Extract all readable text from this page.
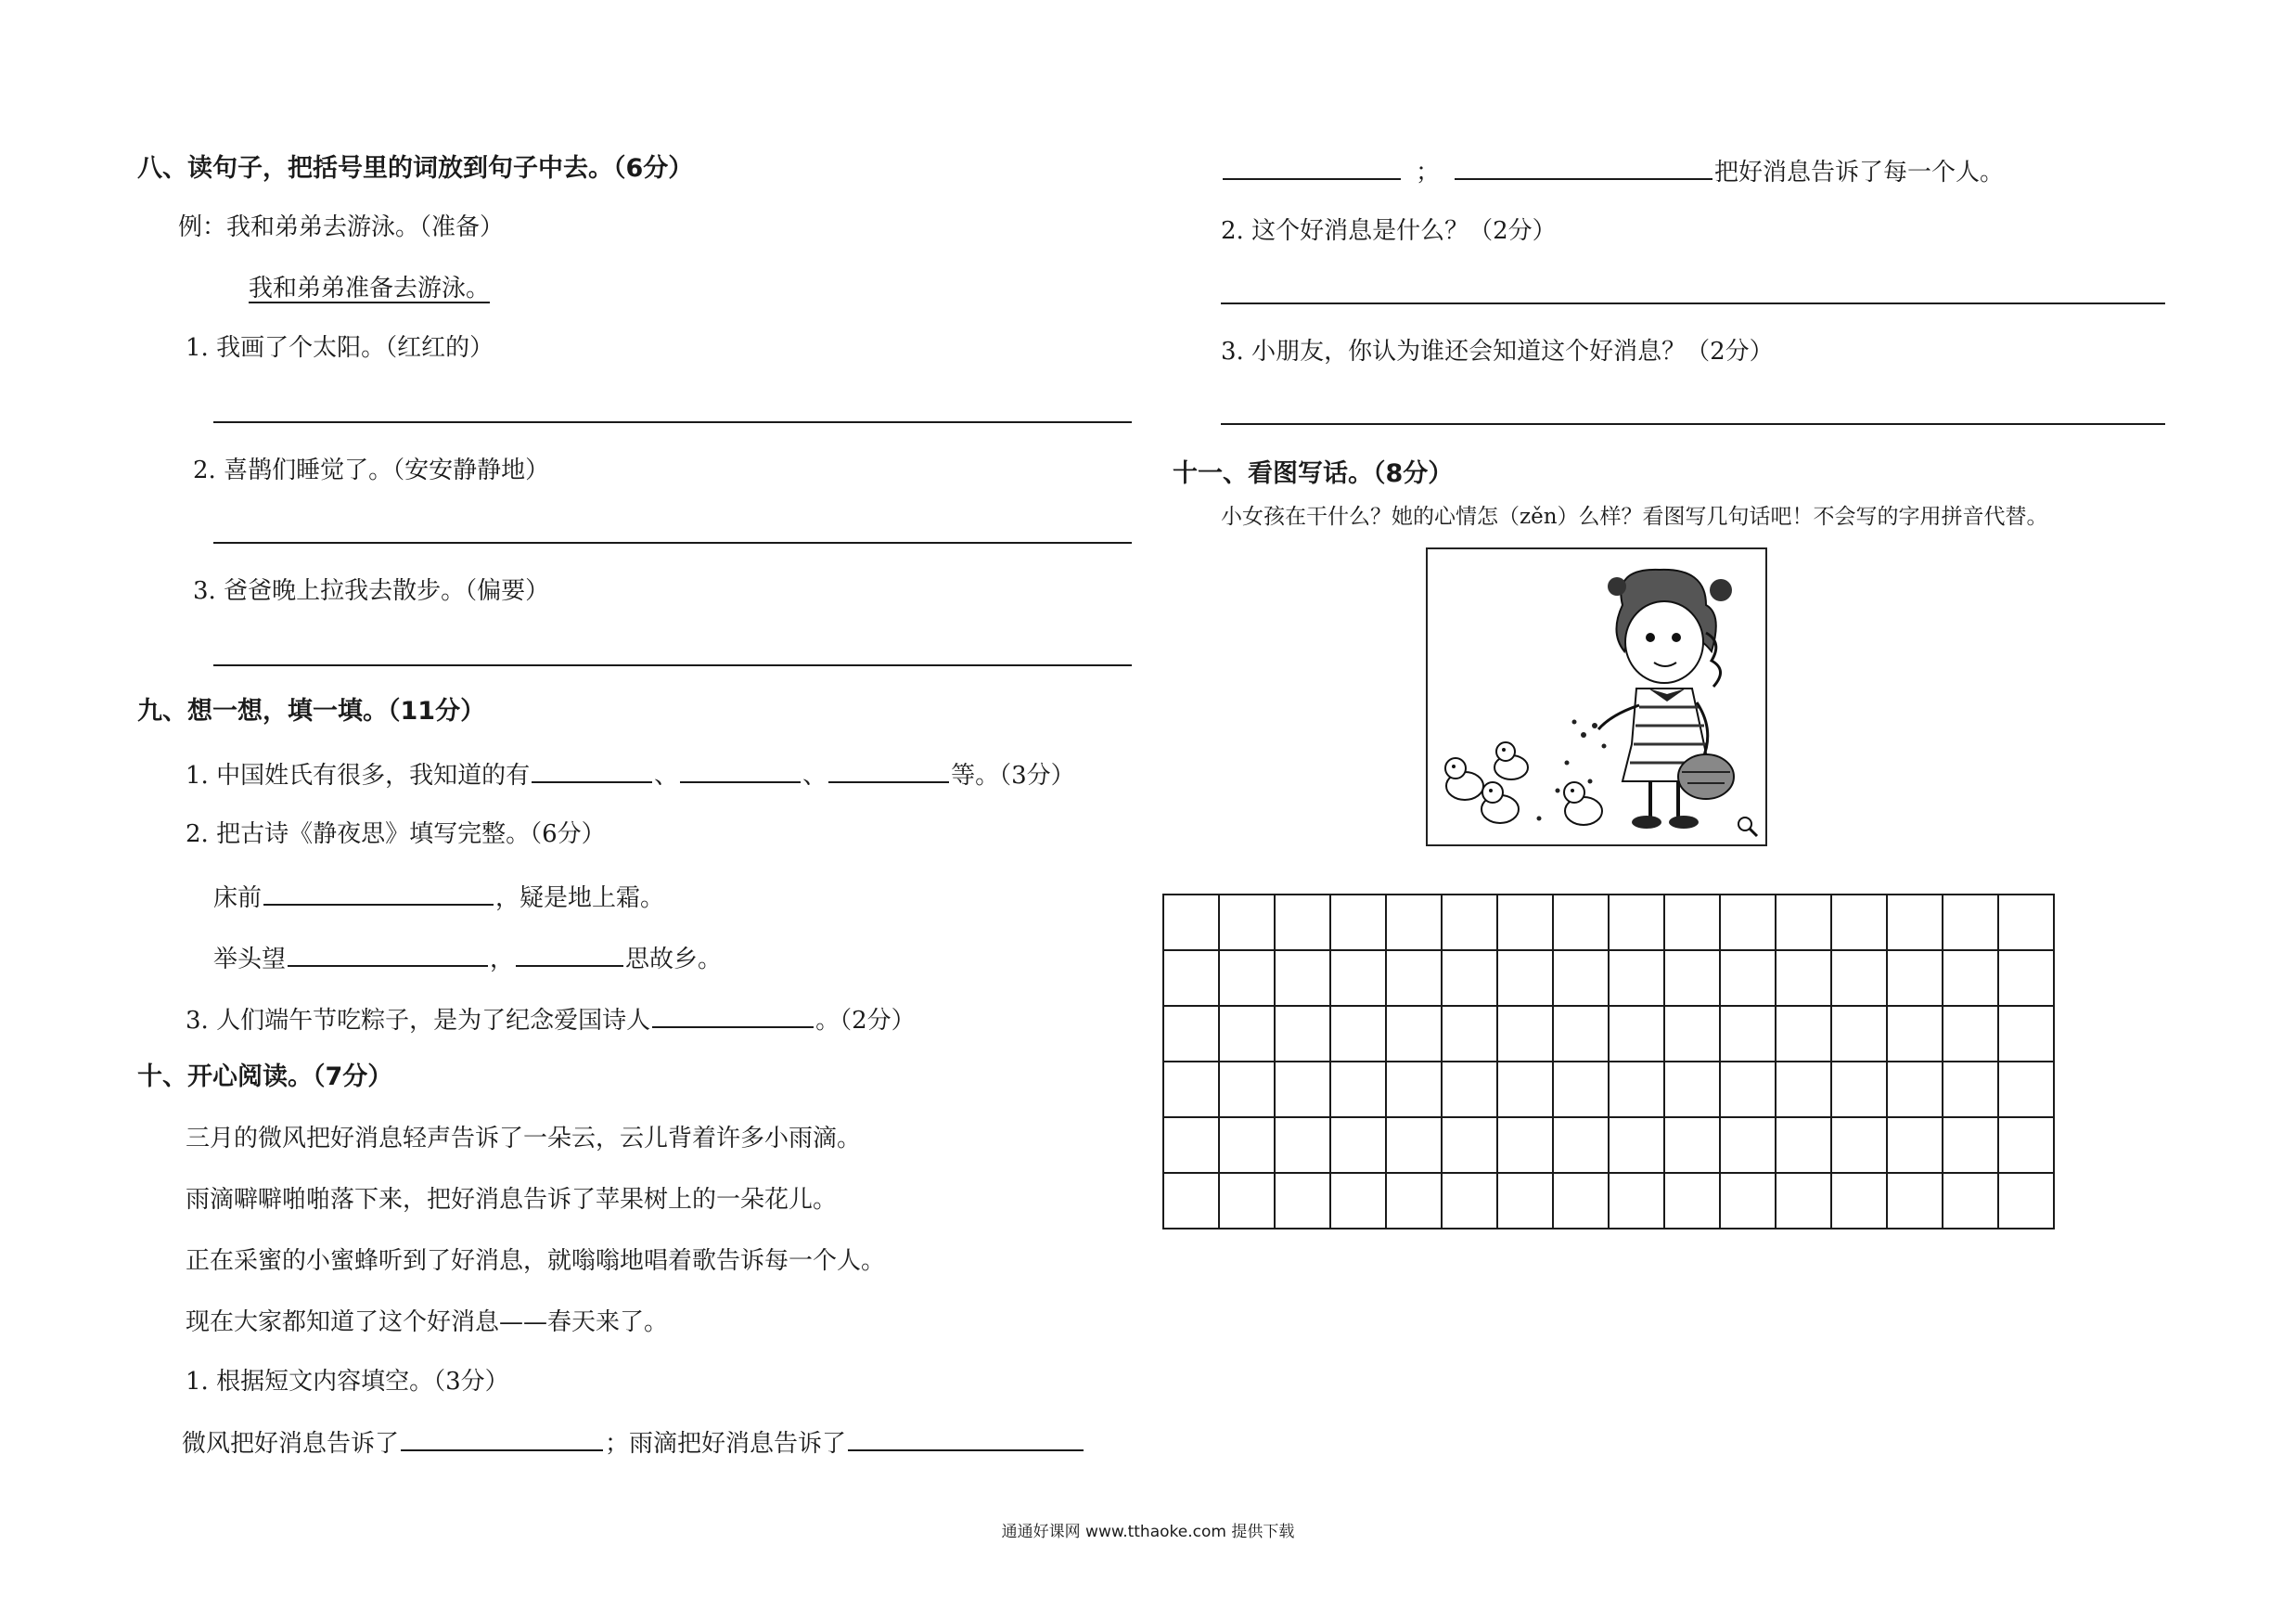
八、读句子，把括号里的词放到句子中去。（6分）
例：我和弟弟去游泳。（准备）
我和弟弟准备去游泳。
1. 我画了个太阳。（红红的）
2. 喜鹊们睡觉了。（安安静静地）
3. 爸爸晚上拉我去散步。（偏要）
九、想一想，填一填。（11分）
1. 中国姓氏有很多，我知道的有	、	、	等。（3分）
2. 把古诗《静夜思》填写完整。（6分）
床前	，疑是地上霜。
举头望	，	思故乡。
3. 人们端午节吃粽子，是为了纪念爱国诗人	。（2分）
十、开心阅读。（7分）
三月的微风把好消息轻声告诉了一朵云，云儿背着许多小雨滴。
雨滴噼噼啪啪落下来，把好消息告诉了苹果树上的一朵花儿。
正在采蜜的小蜜蜂听到了好消息，就嗡嗡地唱着歌告诉每一个人。
现在大家都知道了这个好消息——春天来了。
1. 根据短文内容填空。（3分）
微风把好消息告诉了	；雨滴把好消息告诉了
；	把好消息告诉了每一个人。
2. 这个好消息是什么？（2分）
3. 小朋友，你认为谁还会知道这个好消息？（2分）
十一、看图写话。（8分）
小女孩在干什么？她的心情怎（zěn）么样？看图写几句话吧！不会写的字用拼音代替。

通通好课网 www.tthaoke.com 提供下载
